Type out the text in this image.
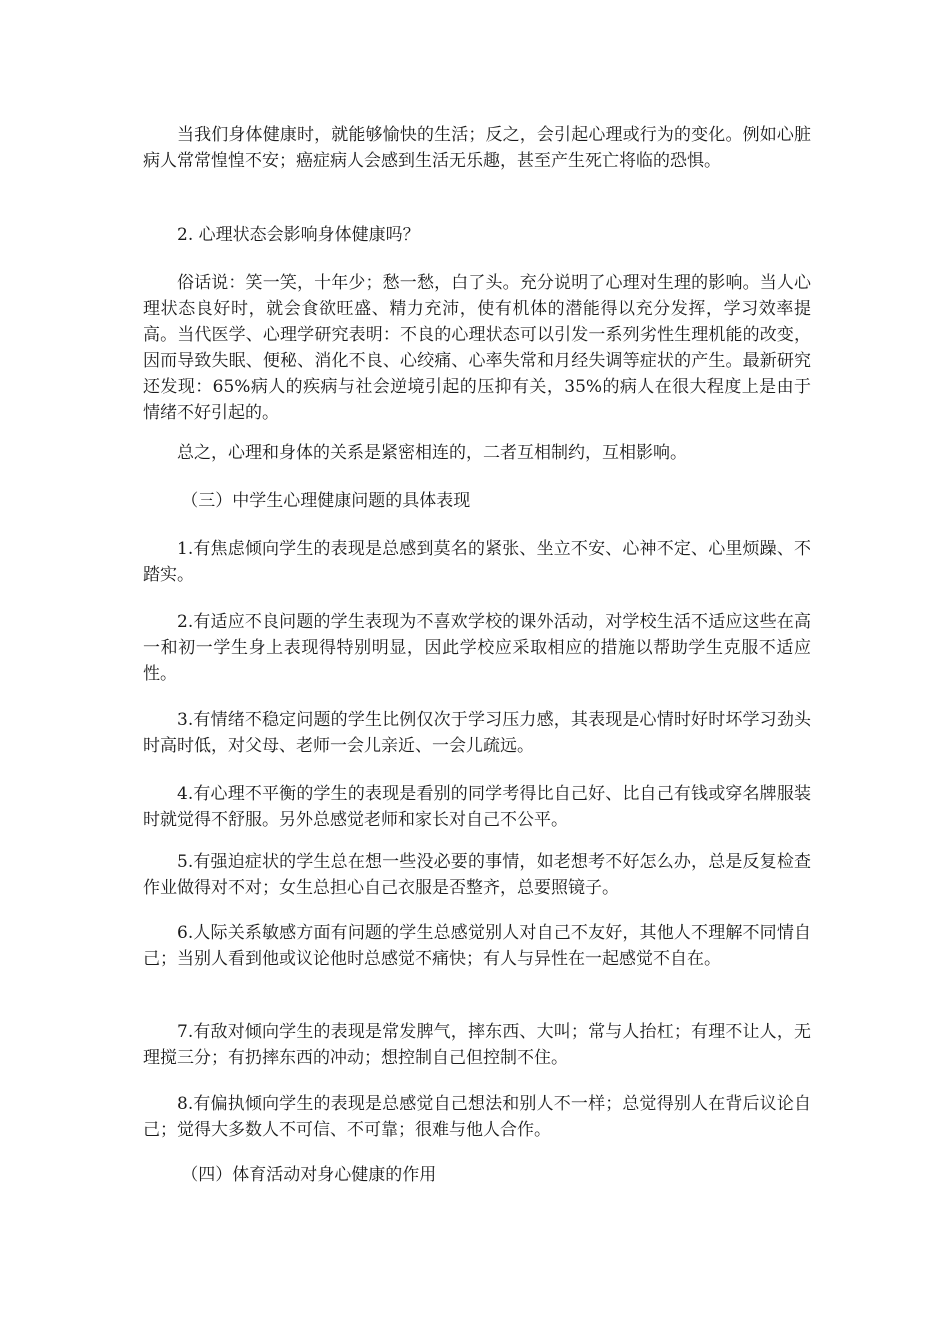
当我们身体健康时，就能够愉快的生活；反之，会引起心理或行为的变化。例如心脏病人常常惶惶不安；癌症病人会感到生活无乐趣，甚至产生死亡将临的恐惧。

2. 心理状态会影响身体健康吗？

俗话说：笑一笑，十年少；愁一愁，白了头。充分说明了心理对生理的影响。当人心理状态良好时，就会食欲旺盛、精力充沛，使有机体的潜能得以充分发挥，学习效率提高。当代医学、心理学研究表明：不良的心理状态可以引发一系列劣性生理机能的改变，因而导致失眠、便秘、消化不良、心绞痛、心率失常和月经失调等症状的产生。最新研究还发现：65%病人的疾病与社会逆境引起的压抑有关，35%的病人在很大程度上是由于情绪不好引起的。

总之，心理和身体的关系是紧密相连的，二者互相制约，互相影响。

（三）中学生心理健康问题的具体表现

1.有焦虑倾向学生的表现是总感到莫名的紧张、坐立不安、心神不定、心里烦躁、不踏实。

2.有适应不良问题的学生表现为不喜欢学校的课外活动，对学校生活不适应这些在高一和初一学生身上表现得特别明显，因此学校应采取相应的措施以帮助学生克服不适应性。

3.有情绪不稳定问题的学生比例仅次于学习压力感，其表现是心情时好时坏学习劲头时高时低，对父母、老师一会儿亲近、一会儿疏远。

4.有心理不平衡的学生的表现是看别的同学考得比自己好、比自己有钱或穿名牌服装时就觉得不舒服。另外总感觉老师和家长对自己不公平。

5.有强迫症状的学生总在想一些没必要的事情，如老想考不好怎么办，总是反复检查作业做得对不对；女生总担心自己衣服是否整齐，总要照镜子。

6.人际关系敏感方面有问题的学生总感觉别人对自己不友好，其他人不理解不同情自己；当别人看到他或议论他时总感觉不痛快；有人与异性在一起感觉不自在。

7.有敌对倾向学生的表现是常发脾气，摔东西、大叫；常与人抬杠；有理不让人，无理搅三分；有扔摔东西的冲动；想控制自己但控制不住。

8.有偏执倾向学生的表现是总感觉自己想法和别人不一样；总觉得别人在背后议论自己；觉得大多数人不可信、不可靠；很难与他人合作。

（四）体育活动对身心健康的作用
